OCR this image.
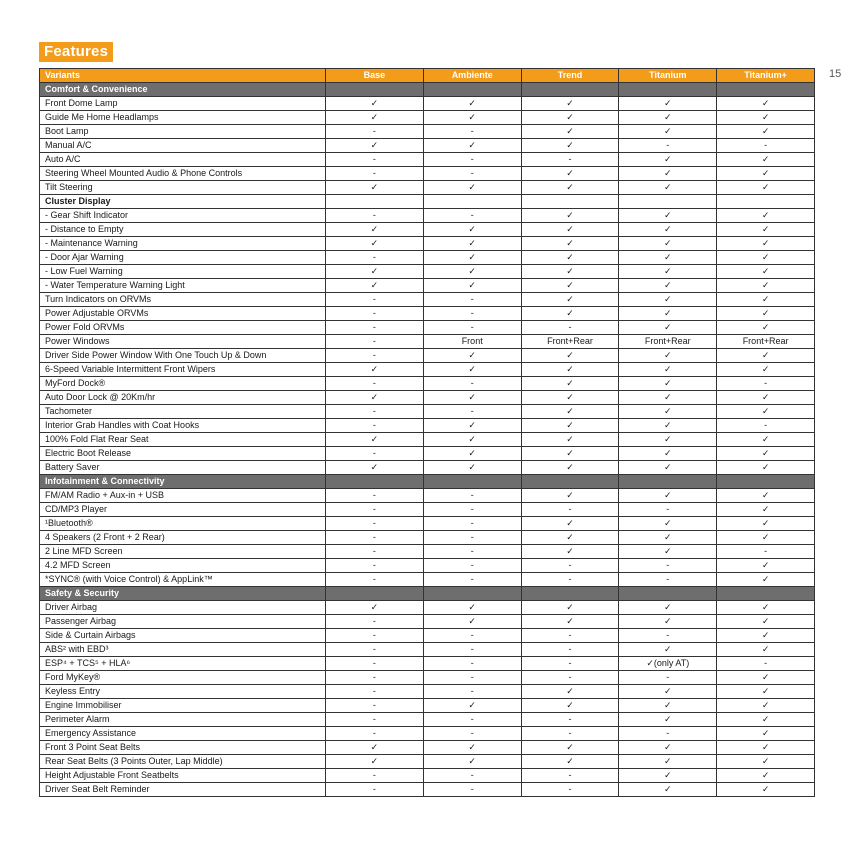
Features
15
Variants	Base	Ambiente	Trend	Titanium	Titanium+
Comfort & Convenience					
Front Dome Lamp	✓	✓	✓	✓	✓
Guide Me Home Headlamps	✓	✓	✓	✓	✓
Boot Lamp	-	-	✓	✓	✓
Manual A/C	✓	✓	✓	-	-
Auto A/C	-	-	-	✓	✓
Steering Wheel Mounted Audio & Phone Controls	-	-	✓	✓	✓
Tilt Steering	✓	✓	✓	✓	✓
Cluster Display					
- Gear Shift Indicator	-	-	✓	✓	✓
- Distance to Empty	✓	✓	✓	✓	✓
- Maintenance Warning	✓	✓	✓	✓	✓
- Door Ajar Warning	-	✓	✓	✓	✓
- Low Fuel Warning	✓	✓	✓	✓	✓
- Water Temperature Warning Light	✓	✓	✓	✓	✓
Turn Indicators on ORVMs	-	-	✓	✓	✓
Power Adjustable ORVMs	-	-	✓	✓	✓
Power Fold ORVMs	-	-	-	✓	✓
Power Windows	-	Front	Front+Rear	Front+Rear	Front+Rear
Driver Side Power Window With One Touch Up & Down	-	✓	✓	✓	✓
6-Speed Variable Intermittent Front Wipers	✓	✓	✓	✓	✓
MyFord Dock®	-	-	✓	✓	-
Auto Door Lock @ 20Km/hr	✓	✓	✓	✓	✓
Tachometer	-	-	✓	✓	✓
Interior Grab Handles with Coat Hooks	-	✓	✓	✓	-
100% Fold Flat Rear Seat	✓	✓	✓	✓	✓
Electric Boot Release	-	✓	✓	✓	✓
Battery Saver	✓	✓	✓	✓	✓
Infotainment & Connectivity					
FM/AM Radio + Aux-in + USB	-	-	✓	✓	✓
CD/MP3 Player	-	-	-	-	✓
¹Bluetooth®	-	-	✓	✓	✓
4 Speakers (2 Front + 2 Rear)	-	-	✓	✓	✓
2 Line MFD Screen	-	-	✓	✓	-
4.2 MFD Screen	-	-	-	-	✓
*SYNC® (with Voice Control) & AppLink™	-	-	-	-	✓
Safety & Security					
Driver Airbag	✓	✓	✓	✓	✓
Passenger Airbag	-	✓	✓	✓	✓
Side & Curtain Airbags	-	-	-	-	✓
ABS² with EBD³	-	-	-	✓	✓
ESP⁴ + TCS⁵ + HLA⁶	-	-	-	✓(only AT)	-
Ford MyKey®	-	-	-	-	✓
Keyless Entry	-	-	✓	✓	✓
Engine Immobiliser	-	✓	✓	✓	✓
Perimeter Alarm	-	-	-	✓	✓
Emergency Assistance	-	-	-	-	✓
Front 3 Point Seat Belts	✓	✓	✓	✓	✓
Rear Seat Belts (3 Points Outer, Lap Middle)	✓	✓	✓	✓	✓
Height Adjustable Front Seatbelts	-	-	-	✓	✓
Driver Seat Belt Reminder	-	-	-	✓	✓
